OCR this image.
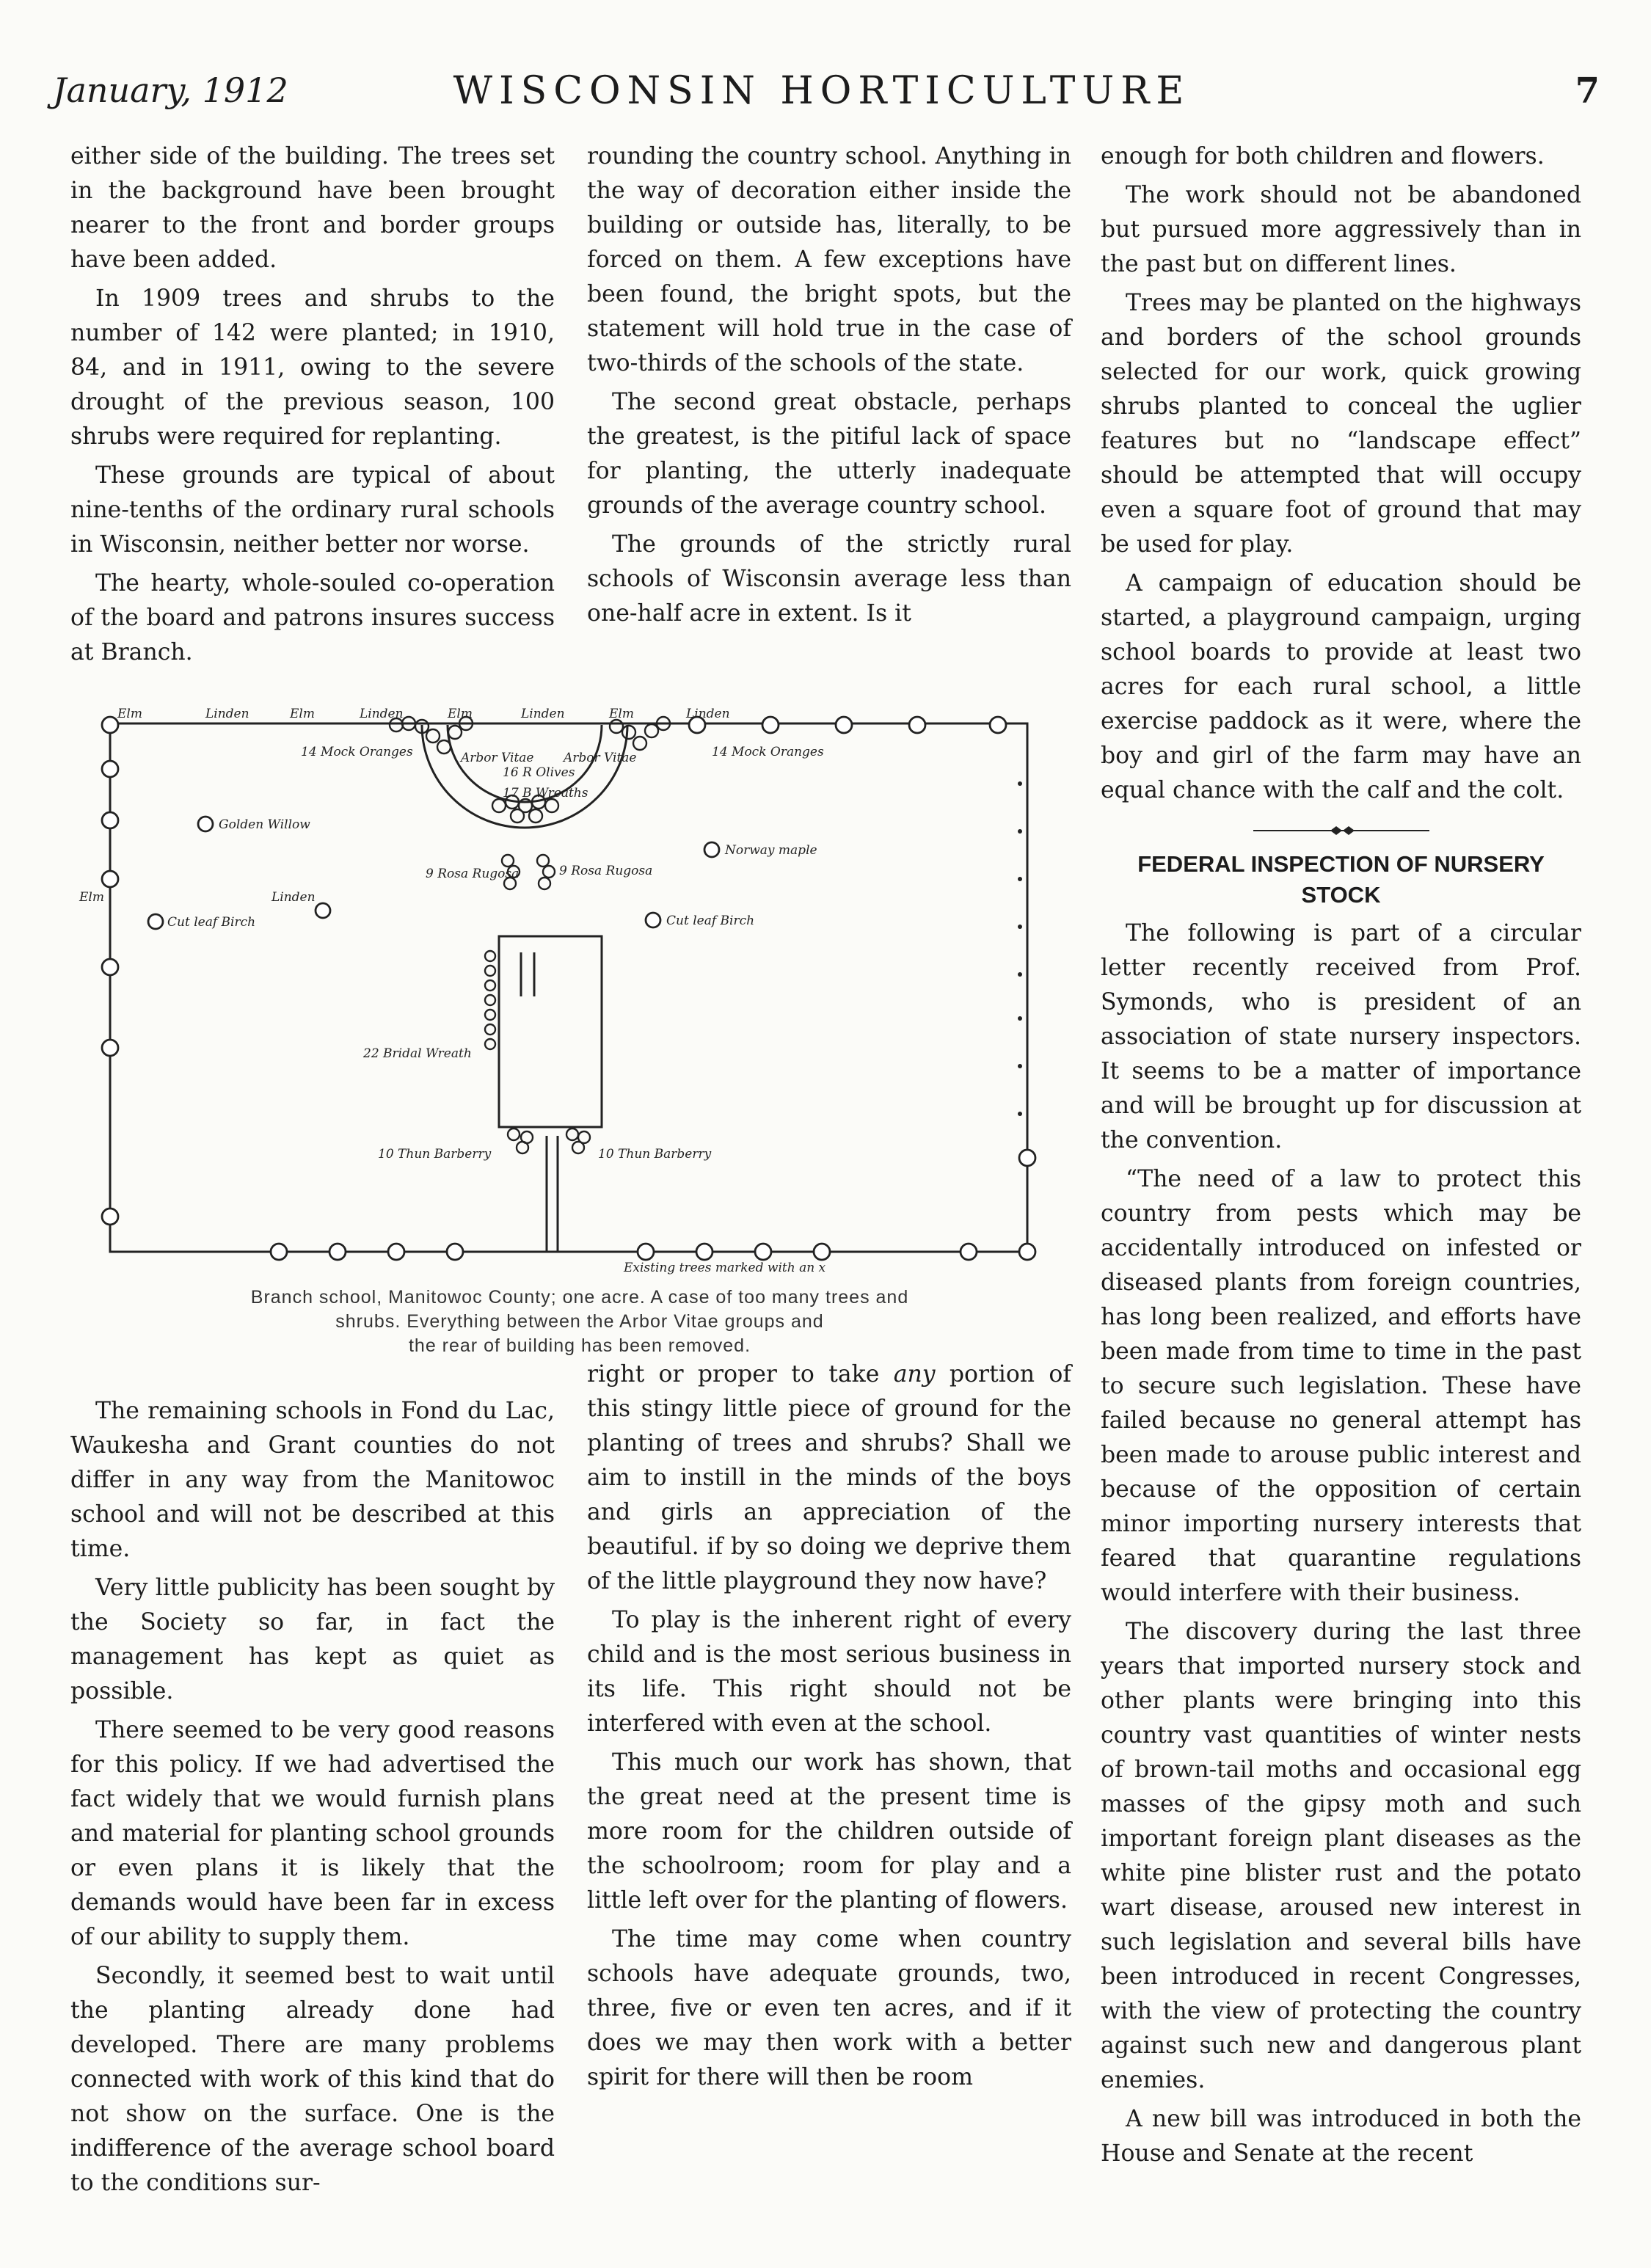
January, 1912	WISCONSIN HORTICULTURE	7

either side of the building. The trees set in the background have been brought nearer to the front and border groups have been added.

In 1909 trees and shrubs to the number of 142 were planted; in 1910, 84, and in 1911, owing to the severe drought of the previous season, 100 shrubs were required for replanting.

These grounds are typical of about nine-tenths of the ordinary rural schools in Wisconsin, neither better nor worse.

The hearty, whole-souled co-operation of the board and patrons insures success at Branch.

rounding the country school. Anything in the way of decoration either inside the building or outside has, literally, to be forced on them. A few exceptions have been found, the bright spots, but the statement will hold true in the case of two-thirds of the schools of the state.

The second great obstacle, perhaps the greatest, is the pitiful lack of space for planting, the utterly inadequate grounds of the average country school.

The grounds of the strictly rural schools of Wisconsin average less than one-half acre in extent. Is it

Elm	Linden	Elm	Linden	Elm	Linden	Elm	Linden
14 Mock Oranges	14 Mock Oranges
Arbor Vitae Arbor Vitae
16 R Olives
17 B Wreaths
Golden Willow
Norway maple
9 Rosa Rugosa	9 Rosa Rugosa
Elm	Linden
Cut leaf Birch	Cut leaf Birch
22 Bridal Wreath
10 Thun Barberry	10 Thun Barberry
Existing trees marked with an x
Branch school, Manitowoc County; one acre. A case of too many trees and
shrubs. Everything between the Arbor Vitae groups and
the rear of building has been removed.

The remaining schools in Fond du Lac, Waukesha and Grant counties do not differ in any way from the Manitowoc school and will not be described at this time.

Very little publicity has been sought by the Society so far, in fact the management has kept as quiet as possible.

There seemed to be very good reasons for this policy. If we had advertised the fact widely that we would furnish plans and material for planting school grounds or even plans it is likely that the demands would have been far in excess of our ability to supply them.

Secondly, it seemed best to wait until the planting already done had developed. There are many problems connected with work of this kind that do not show on the surface. One is the indifference of the average school board to the conditions sur-

right or proper to take any portion of this stingy little piece of ground for the planting of trees and shrubs? Shall we aim to instill in the minds of the boys and girls an appreciation of the beautiful. if by so doing we deprive them of the little playground they now have?

To play is the inherent right of every child and is the most serious business in its life. This right should not be interfered with even at the school.

This much our work has shown, that the great need at the present time is more room for the children outside of the schoolroom; room for play and a little left over for the planting of flowers.

The time may come when country schools have adequate grounds, two, three, five or even ten acres, and if it does we may then work with a better spirit for there will then be room

enough for both children and flowers.

The work should not be abandoned but pursued more aggressively than in the past but on different lines.

Trees may be planted on the highways and borders of the school grounds selected for our work, quick growing shrubs planted to conceal the uglier features but no “landscape effect” should be attempted that will occupy even a square foot of ground that may be used for play.

A campaign of education should be started, a playground campaign, urging school boards to provide at least two acres for each rural school, a little exercise paddock as it were, where the boy and girl of the farm may have an equal chance with the calf and the colt.

FEDERAL INSPECTION OF NURSERY STOCK

The following is part of a circular letter recently received from Prof. Symonds, who is president of an association of state nursery inspectors. It seems to be a matter of importance and will be brought up for discussion at the convention.

“The need of a law to protect this country from pests which may be accidentally introduced on infested or diseased plants from foreign countries, has long been realized, and efforts have been made from time to time in the past to secure such legislation. These have failed because no general attempt has been made to arouse public interest and because of the opposition of certain minor importing nursery interests that feared that quarantine regulations would interfere with their business.

The discovery during the last three years that imported nursery stock and other plants were bringing into this country vast quantities of winter nests of brown-tail moths and occasional egg masses of the gipsy moth and such important foreign plant diseases as the white pine blister rust and the potato wart disease, aroused new interest in such legislation and several bills have been introduced in recent Congresses, with the view of protecting the country against such new and dangerous plant enemies.

A new bill was introduced in both the House and Senate at the recent
